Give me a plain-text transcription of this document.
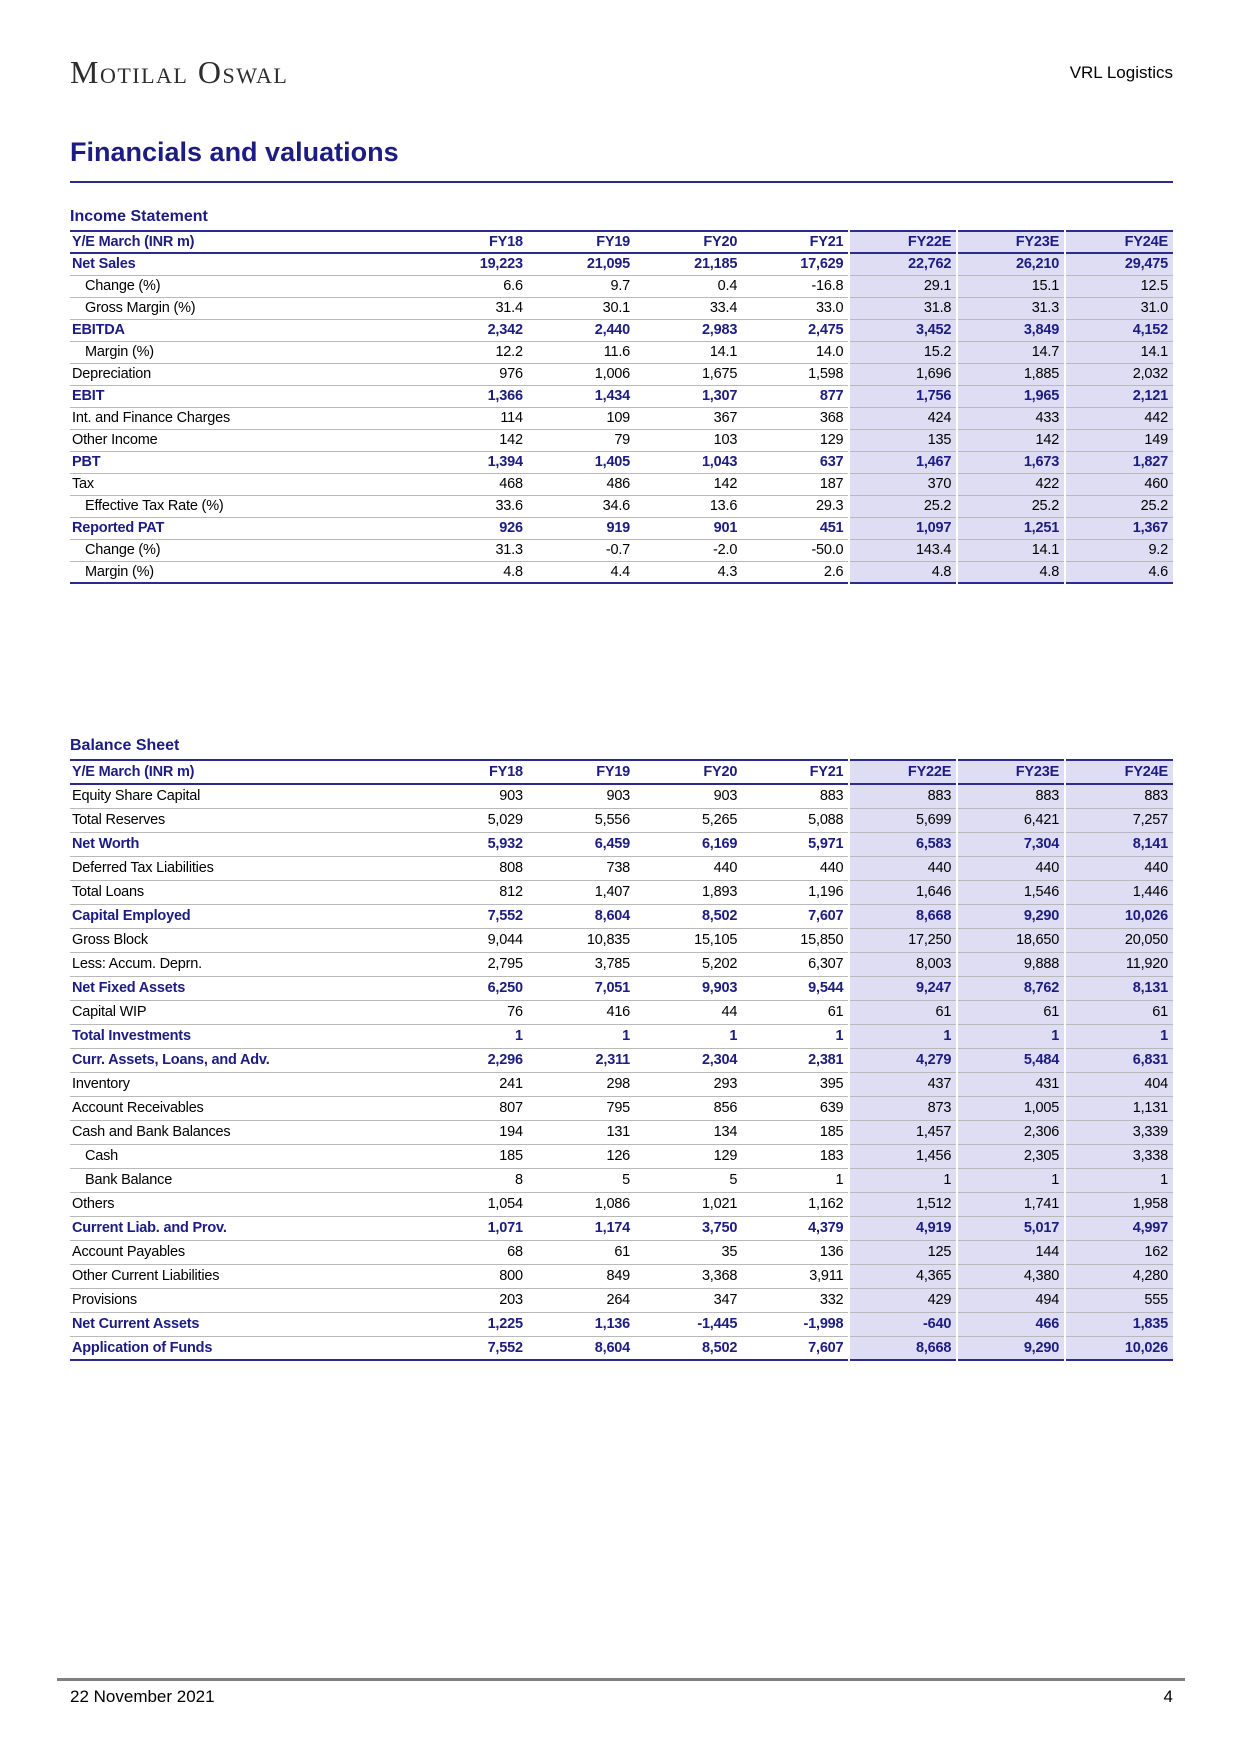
Motilal Oswal	VRL Logistics
Financials and valuations
Income Statement
Y/E March (INR m)	FY18	FY19	FY20	FY21	FY22E	FY23E	FY24E
Net Sales	19,223	21,095	21,185	17,629	22,762	26,210	29,475
Change (%)	6.6	9.7	0.4	-16.8	29.1	15.1	12.5
Gross Margin (%)	31.4	30.1	33.4	33.0	31.8	31.3	31.0
EBITDA	2,342	2,440	2,983	2,475	3,452	3,849	4,152
Margin (%)	12.2	11.6	14.1	14.0	15.2	14.7	14.1
Depreciation	976	1,006	1,675	1,598	1,696	1,885	2,032
EBIT	1,366	1,434	1,307	877	1,756	1,965	2,121
Int. and Finance Charges	114	109	367	368	424	433	442
Other Income	142	79	103	129	135	142	149
PBT	1,394	1,405	1,043	637	1,467	1,673	1,827
Tax	468	486	142	187	370	422	460
Effective Tax Rate (%)	33.6	34.6	13.6	29.3	25.2	25.2	25.2
Reported PAT	926	919	901	451	1,097	1,251	1,367
Change (%)	31.3	-0.7	-2.0	-50.0	143.4	14.1	9.2
Margin (%)	4.8	4.4	4.3	2.6	4.8	4.8	4.6
Balance Sheet
Y/E March (INR m)	FY18	FY19	FY20	FY21	FY22E	FY23E	FY24E
Equity Share Capital	903	903	903	883	883	883	883
Total Reserves	5,029	5,556	5,265	5,088	5,699	6,421	7,257
Net Worth	5,932	6,459	6,169	5,971	6,583	7,304	8,141
Deferred Tax Liabilities	808	738	440	440	440	440	440
Total Loans	812	1,407	1,893	1,196	1,646	1,546	1,446
Capital Employed	7,552	8,604	8,502	7,607	8,668	9,290	10,026
Gross Block	9,044	10,835	15,105	15,850	17,250	18,650	20,050
Less: Accum. Deprn.	2,795	3,785	5,202	6,307	8,003	9,888	11,920
Net Fixed Assets	6,250	7,051	9,903	9,544	9,247	8,762	8,131
Capital WIP	76	416	44	61	61	61	61
Total Investments	1	1	1	1	1	1	1
Curr. Assets, Loans, and Adv.	2,296	2,311	2,304	2,381	4,279	5,484	6,831
Inventory	241	298	293	395	437	431	404
Account Receivables	807	795	856	639	873	1,005	1,131
Cash and Bank Balances	194	131	134	185	1,457	2,306	3,339
Cash	185	126	129	183	1,456	2,305	3,338
Bank Balance	8	5	5	1	1	1	1
Others	1,054	1,086	1,021	1,162	1,512	1,741	1,958
Current Liab. and Prov.	1,071	1,174	3,750	4,379	4,919	5,017	4,997
Account Payables	68	61	35	136	125	144	162
Other Current Liabilities	800	849	3,368	3,911	4,365	4,380	4,280
Provisions	203	264	347	332	429	494	555
Net Current Assets	1,225	1,136	-1,445	-1,998	-640	466	1,835
Application of Funds	7,552	8,604	8,502	7,607	8,668	9,290	10,026
22 November 2021	4
